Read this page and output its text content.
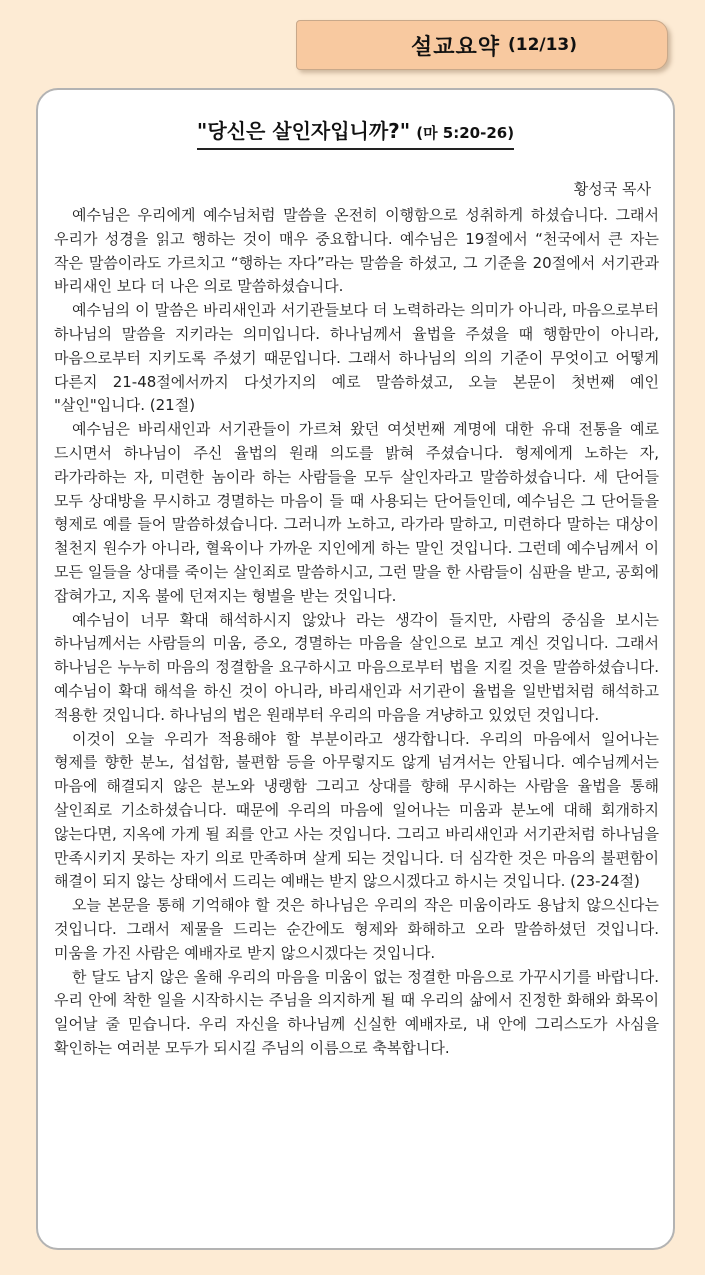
설교요약 (12/13)
"당신은 살인자입니까?" (마 5:20-26)
황성국 목사

예수님은 우리에게 예수님처럼 말씀을 온전히 이행함으로 성취하게 하셨습니다. 그래서 우리가 성경을 읽고 행하는 것이 매우 중요합니다. 예수님은 19절에서 “천국에서 큰 자는 작은 말씀이라도 가르치고 “행하는 자다”라는 말씀을 하셨고, 그 기준을 20절에서 서기관과 바리새인 보다 더 나은 의로 말씀하셨습니다.

예수님의 이 말씀은 바리새인과 서기관들보다 더 노력하라는 의미가 아니라, 마음으로부터 하나님의 말씀을 지키라는 의미입니다. 하나님께서 율법을 주셨을 때 행함만이 아니라, 마음으로부터 지키도록 주셨기 때문입니다. 그래서 하나님의 의의 기준이 무엇이고 어떻게 다른지 21-48절에서까지 다섯가지의 예로 말씀하셨고, 오늘 본문이 첫번째 예인 "살인"입니다. (21절)

예수님은 바리새인과 서기관들이 가르쳐 왔던 여섯번째 계명에 대한 유대 전통을 예로 드시면서 하나님이 주신 율법의 원래 의도를 밝혀 주셨습니다. 형제에게 노하는 자, 라가라하는 자, 미련한 놈이라 하는 사람들을 모두 살인자라고 말씀하셨습니다. 세 단어들 모두 상대방을 무시하고 경멸하는 마음이 들 때 사용되는 단어들인데, 예수님은 그 단어들을 형제로 예를 들어 말씀하셨습니다. 그러니까 노하고, 라가라 말하고, 미련하다 말하는 대상이 철천지 원수가 아니라, 혈육이나 가까운 지인에게 하는 말인 것입니다. 그런데 예수님께서 이 모든 일들을 상대를 죽이는 살인죄로 말씀하시고, 그런 말을 한 사람들이 심판을 받고, 공회에 잡혀가고, 지옥 불에 던져지는 형벌을 받는 것입니다.

예수님이 너무 확대 해석하시지 않았나 라는 생각이 들지만, 사람의 중심을 보시는 하나님께서는 사람들의 미움, 증오, 경멸하는 마음을 살인으로 보고 계신 것입니다. 그래서 하나님은 누누히 마음의 정결함을 요구하시고 마음으로부터 법을 지킬 것을 말씀하셨습니다. 예수님이 확대 해석을 하신 것이 아니라, 바리새인과 서기관이 율법을 일반법처럼 해석하고 적용한 것입니다. 하나님의 법은 원래부터 우리의 마음을 겨냥하고 있었던 것입니다.

이것이 오늘 우리가 적용해야 할 부분이라고 생각합니다. 우리의 마음에서 일어나는 형제를 향한 분노, 섭섭함, 불편함 등을 아무렇지도 않게 넘겨서는 안됩니다. 예수님께서는 마음에 해결되지 않은 분노와 냉랭함 그리고 상대를 향해 무시하는 사람을 율법을 통해 살인죄로 기소하셨습니다. 때문에 우리의 마음에 일어나는 미움과 분노에 대해 회개하지 않는다면, 지옥에 가게 될 죄를 안고 사는 것입니다. 그리고 바리새인과 서기관처럼 하나님을 만족시키지 못하는 자기 의로 만족하며 살게 되는 것입니다. 더 심각한 것은 마음의 불편함이 해결이 되지 않는 상태에서 드리는 예배는 받지 않으시겠다고 하시는 것입니다. (23-24절)

오늘 본문을 통해 기억해야 할 것은 하나님은 우리의 작은 미움이라도 용납치 않으신다는 것입니다. 그래서 제물을 드리는 순간에도 형제와 화해하고 오라 말씀하셨던 것입니다. 미움을 가진 사람은 예배자로 받지 않으시겠다는 것입니다.

한 달도 남지 않은 올해 우리의 마음을 미움이 없는 정결한 마음으로 가꾸시기를 바랍니다. 우리 안에 착한 일을 시작하시는 주님을 의지하게 될 때 우리의 삶에서 진정한 화해와 화목이 일어날 줄 믿습니다. 우리 자신을 하나님께 신실한 예배자로, 내 안에 그리스도가 사심을 확인하는 여러분 모두가 되시길 주님의 이름으로 축복합니다.
